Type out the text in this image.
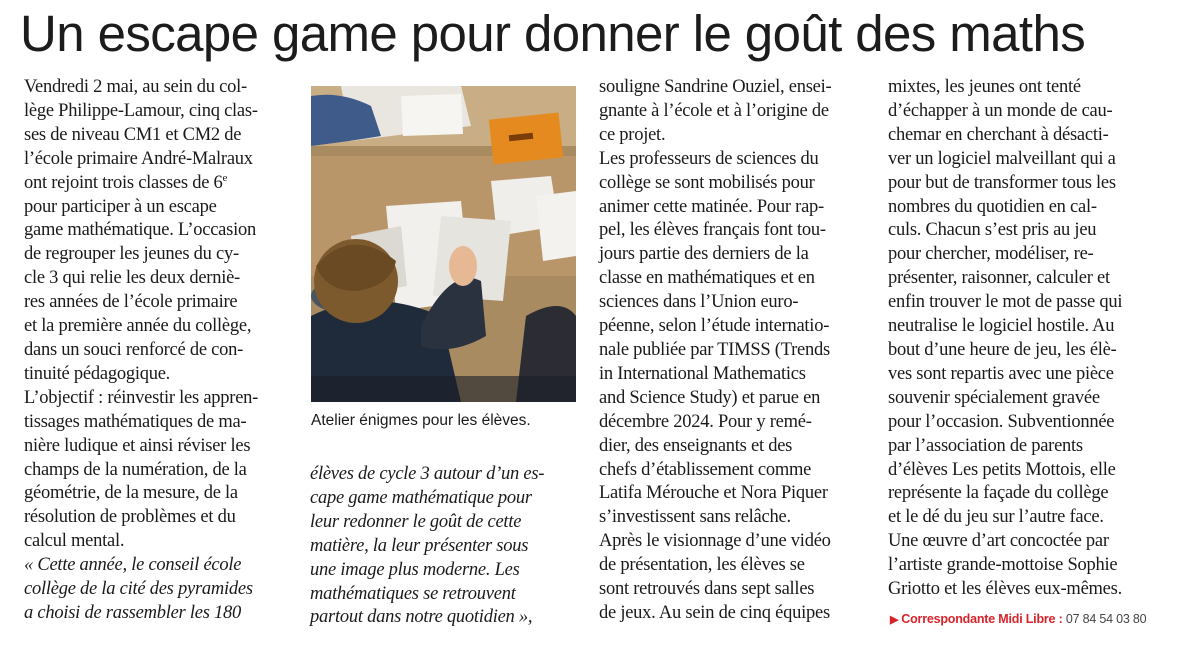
Un escape game pour donner le goût des maths

Vendredi 2 mai, au sein du col-

lège Philippe-Lamour, cinq clas-

ses de niveau CM1 et CM2 de

l’école primaire André-Malraux

ont rejoint trois classes de 6e

pour participer à un escape

game mathématique. L’occasion

de regrouper les jeunes du cy-

cle 3 qui relie les deux derniè-

res années de l’école primaire

et la première année du collège,

dans un souci renforcé de con-

tinuité pédagogique.

L’objectif : réinvestir les appren-

tissages mathématiques de ma-

nière ludique et ainsi réviser les

champs de la numération, de la

géométrie, de la mesure, de la

résolution de problèmes et du

calcul mental.

« Cette année, le conseil école

collège de la cité des pyramides

a choisi de rassembler les 180

Atelier énigmes pour les élèves.

élèves de cycle 3 autour d’un es-

cape game mathématique pour

leur redonner le goût de cette

matière, la leur présenter sous

une image plus moderne. Les

mathématiques se retrouvent

partout dans notre quotidien »,

souligne Sandrine Ouziel, ensei-

gnante à l’école et à l’origine de

ce projet.

Les professeurs de sciences du

collège se sont mobilisés pour

animer cette matinée. Pour rap-

pel, les élèves français font tou-

jours partie des derniers de la

classe en mathématiques et en

sciences dans l’Union euro-

péenne, selon l’étude internatio-

nale publiée par TIMSS (Trends

in International Mathematics

and Science Study) et parue en

décembre 2024. Pour y remé-

dier, des enseignants et des

chefs d’établissement comme

Latifa Mérouche et Nora Piquer

s’investissent sans relâche.

Après le visionnage d’une vidéo

de présentation, les élèves se

sont retrouvés dans sept salles

de jeux. Au sein de cinq équipes

mixtes, les jeunes ont tenté

d’échapper à un monde de cau-

chemar en cherchant à désacti-

ver un logiciel malveillant qui a

pour but de transformer tous les

nombres du quotidien en cal-

culs. Chacun s’est pris au jeu

pour chercher, modéliser, re-

présenter, raisonner, calculer et

enfin trouver le mot de passe qui

neutralise le logiciel hostile. Au

bout d’une heure de jeu, les élè-

ves sont repartis avec une pièce

souvenir spécialement gravée

pour l’occasion. Subventionnée

par l’association de parents

d’élèves Les petits Mottois, elle

représente la façade du collège

et le dé du jeu sur l’autre face.

Une œuvre d’art concoctée par

l’artiste grande-mottoise Sophie

Griotto et les élèves eux-mêmes.

▶ Correspondante Midi Libre : 07 84 54 03 80
